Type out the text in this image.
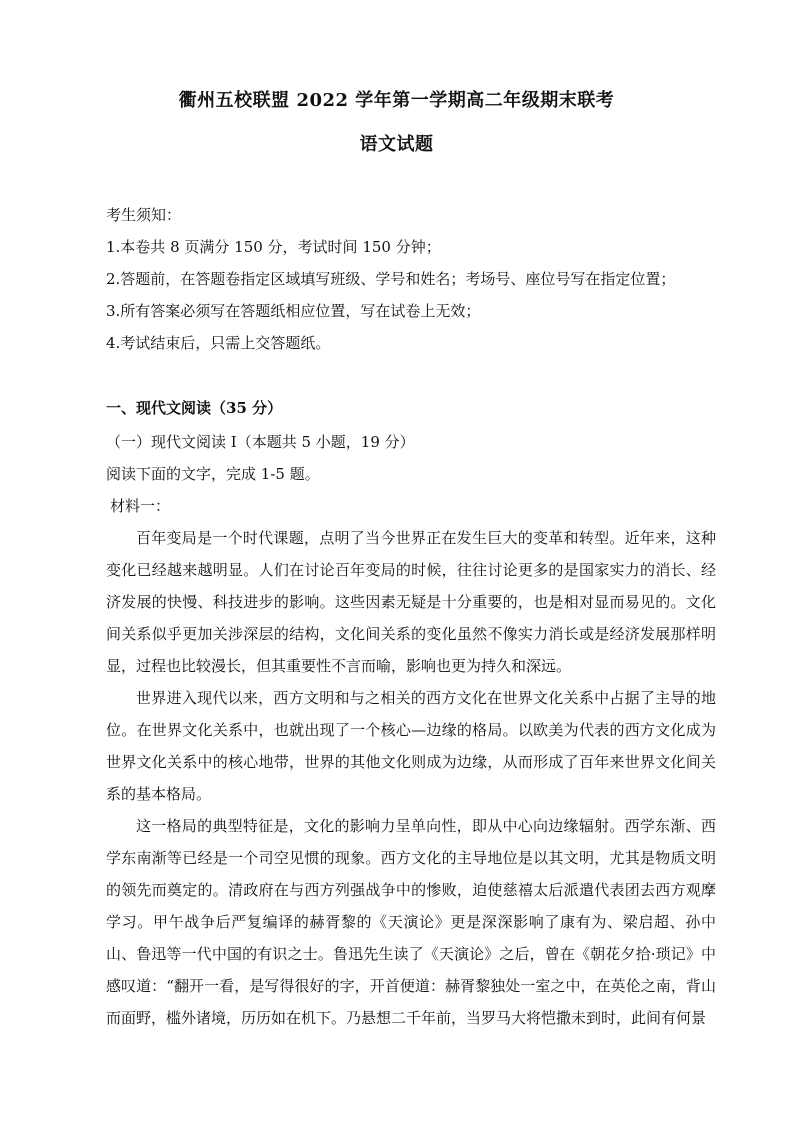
衢州五校联盟 2022 学年第一学期高二年级期末联考
语文试题
考生须知：
1.本卷共 8 页满分 150 分，考试时间 150 分钟；
2.答题前，在答题卷指定区域填写班级、学号和姓名；考场号、座位号写在指定位置；
3.所有答案必须写在答题纸相应位置，写在试卷上无效；
4.考试结束后，只需上交答题纸。
一、现代文阅读（35 分）
（一）现代文阅读 I（本题共 5 小题，19 分）
阅读下面的文字，完成 1-5 题。
材料一：

百年变局是一个时代课题，点明了当今世界正在发生巨大的变革和转型。近年来，这种变化已经越来越明显。人们在讨论百年变局的时候，往往讨论更多的是国家实力的消长、经济发展的快慢、科技进步的影响。这些因素无疑是十分重要的，也是相对显而易见的。文化间关系似乎更加关涉深层的结构，文化间关系的变化虽然不像实力消长或是经济发展那样明显，过程也比较漫长，但其重要性不言而喻，影响也更为持久和深远。

世界进入现代以来，西方文明和与之相关的西方文化在世界文化关系中占据了主导的地位。在世界文化关系中，也就出现了一个核心—边缘的格局。以欧美为代表的西方文化成为世界文化关系中的核心地带，世界的其他文化则成为边缘，从而形成了百年来世界文化间关系的基本格局。

这一格局的典型特征是，文化的影响力呈单向性，即从中心向边缘辐射。西学东渐、西学东南渐等已经是一个司空见惯的现象。西方文化的主导地位是以其文明，尤其是物质文明的领先而奠定的。清政府在与西方列强战争中的惨败，迫使慈禧太后派遣代表团去西方观摩学习。甲午战争后严复编译的赫胥黎的《天演论》更是深深影响了康有为、梁启超、孙中山、鲁迅等一代中国的有识之士。鲁迅先生读了《天演论》之后，曾在《朝花夕拾·琐记》中感叹道：“翻开一看，是写得很好的字，开首便道：赫胥黎独处一室之中，在英伦之南，背山而面野，槛外诸境，历历如在机下。乃悬想二千年前，当罗马大将恺撒未到时，此间有何景
